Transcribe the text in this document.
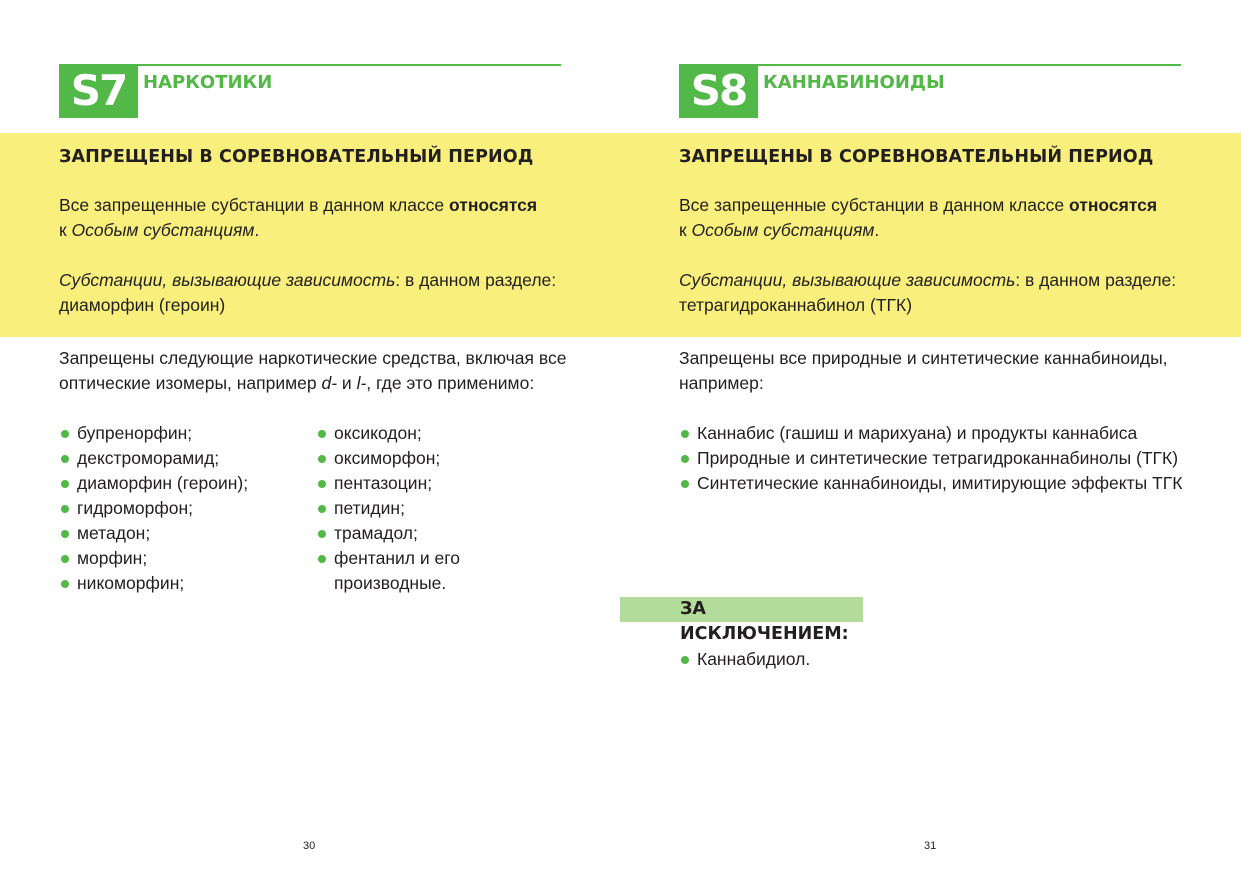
S7 НАРКОТИКИ
ЗАПРЕЩЕНЫ В СОРЕВНОВАТЕЛЬНЫЙ ПЕРИОД

Все запрещенные субстанции в данном классе относятся
к Особым субстанциям.

Субстанции, вызывающие зависимость: в данном разделе:
диаморфин (героин)

Запрещены следующие наркотические средства, включая все
оптические изомеры, например d- и l-, где это применимо:

бупренорфин;
декстроморамид;
диаморфин (героин);
гидроморфон;
метадон;
морфин;
никоморфин;
оксикодон;
оксиморфон;
пентазоцин;
петидин;
трамадол;
фентанил и его производные.
30
S8 КАННАБИНОИДЫ
ЗАПРЕЩЕНЫ В СОРЕВНОВАТЕЛЬНЫЙ ПЕРИОД

Все запрещенные субстанции в данном классе относятся
к Особым субстанциям.

Субстанции, вызывающие зависимость: в данном разделе:
тетрагидроканнабинол (ТГК)

Запрещены все природные и синтетические каннабиноиды, например:

Каннабис (гашиш и марихуана) и продукты каннабиса
Природные и синтетические тетрагидроканнабинолы (ТГК)
Синтетические каннабиноиды, имитирующие эффекты ТГК
ЗА ИСКЛЮЧЕНИЕМ:
Каннабидиол.
31
